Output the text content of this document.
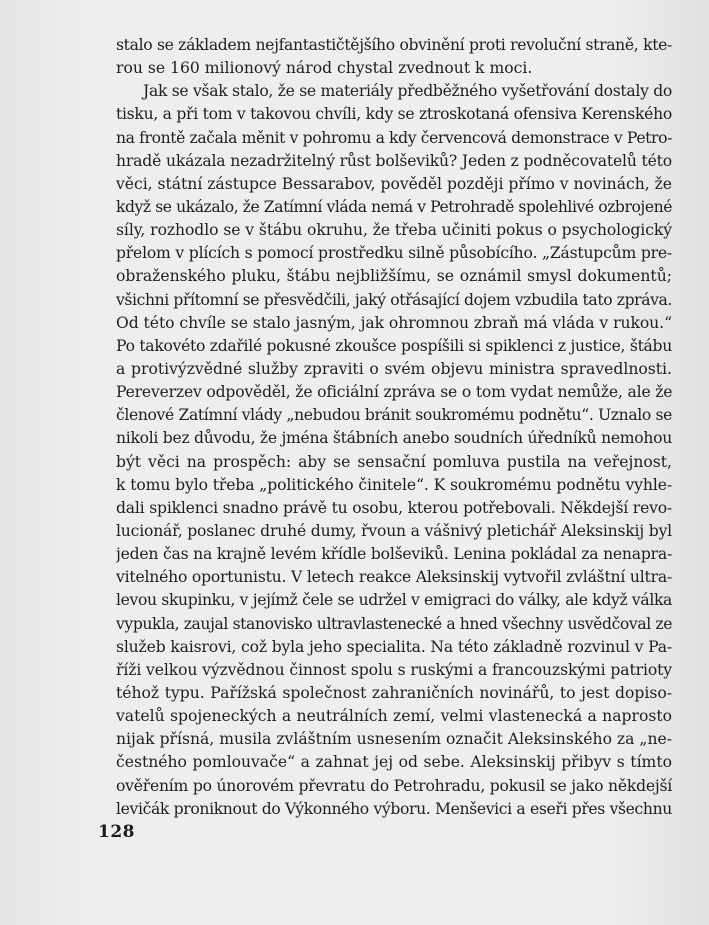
stalo se základem nejfantastičtějšího obvinění proti revoluční straně, kte-
rou se 160 milionový národ chystal zvednout k moci.
Jak se však stalo, že se materiály předběžného vyšetřování dostaly do
tisku, a při tom v takovou chvíli, kdy se ztroskotaná ofensiva Kerenského
na frontě začala měnit v pohromu a kdy červencová demonstrace v Petro-
hradě ukázala nezadržitelný růst bolševiků? Jeden z podněcovatelů této
věci, státní zástupce Bessarabov, pověděl později přímo v novinách, že
když se ukázalo, že Zatímní vláda nemá v Petrohradě spolehlivé ozbrojené
síly, rozhodlo se v štábu okruhu, že třeba učiniti pokus o psychologický
přelom v plících s pomocí prostředku silně působícího. „Zástupcům pre-
obraženského pluku, štábu nejbližšímu, se oznámil smysl dokumentů;
všichni přítomní se přesvědčili, jaký otřásající dojem vzbudila tato zpráva.
Od této chvíle se stalo jasným, jak ohromnou zbraň má vláda v rukou.“
Po takovéto zdařilé pokusné zkoušce pospíšili si spiklenci z justice, štábu
a protivýzvědné služby zpraviti o svém objevu ministra spravedlnosti.
Pereverzev odpověděl, že oficiální zpráva se o tom vydat nemůže, ale že
členové Zatímní vlády „nebudou bránit soukromému podnětu“. Uznalo se
nikoli bez důvodu, že jména štábních anebo soudních úředníků nemohou
být věci na prospěch: aby se sensační pomluva pustila na veřejnost,
k tomu bylo třeba „politického činitele“. K soukromému podnětu vyhle-
dali spiklenci snadno právě tu osobu, kterou potřebovali. Někdejší revo-
lucionář, poslanec druhé dumy, řvoun a vášnivý pletichář Aleksinskij byl
jeden čas na krajně levém křídle bolševiků. Lenina pokládal za nenapra-
vitelného oportunistu. V letech reakce Aleksinskij vytvořil zvláštní ultra-
levou skupinku, v jejímž čele se udržel v emigraci do války, ale když válka
vypukla, zaujal stanovisko ultravlastenecké a hned všechny usvědčoval ze
služeb kaisrovi, což byla jeho specialita. Na této základně rozvinul v Pa-
říži velkou výzvědnou činnost spolu s ruskými a francouzskými patrioty
téhož typu. Pařížská společnost zahraničních novinářů, to jest dopiso-
vatelů spojeneckých a neutrálních zemí, velmi vlastenecká a naprosto
nijak přísná, musila zvláštním usnesením označit Aleksinského za „ne-
čestného pomlouvače“ a zahnat jej od sebe. Aleksinskij přibyv s tímto
ověřením po únorovém převratu do Petrohradu, pokusil se jako někdejší
levičák proniknout do Výkonného výboru. Menševici a eseři přes všechnu
128
